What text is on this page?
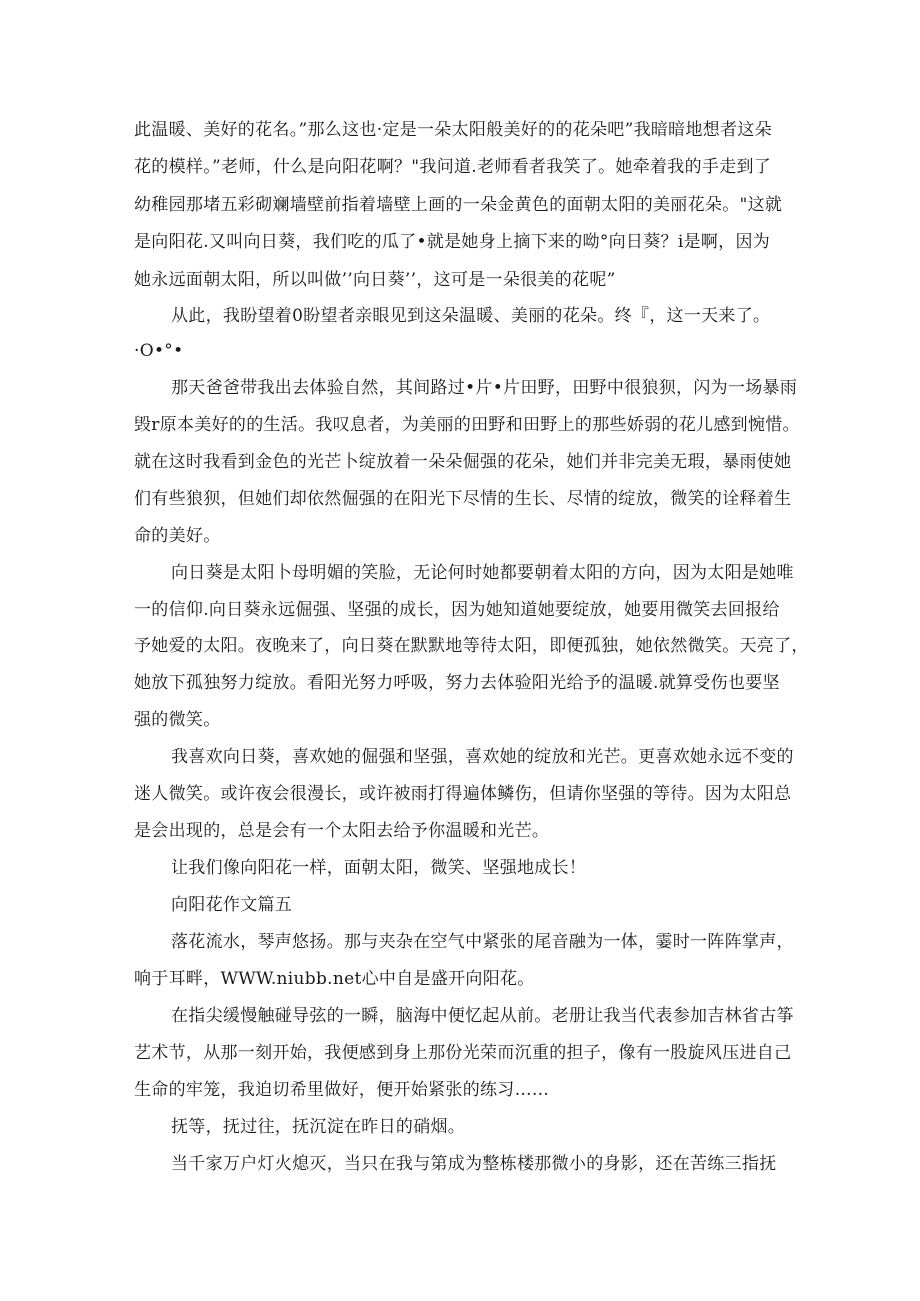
此温暖、美好的花名。”那么这也·定是一朵太阳般美好的的花朵吧”我暗暗地想者这朵
花的模样。”老师，什么是向阳花啊？"我问道.老师看者我笑了。她牵着我的手走到了
幼稚园那堵五彩砌斓墙壁前指着墙壁上画的一朵金黄色的面朝太阳的美丽花朵。"这就
是向阳花.又叫向日葵，我们吃的瓜了•就是她身上摘下来的呦°向日葵？i是啊，因为
她永远面朝太阳，所以叫做’’向日葵’’，这可是一朵很美的花呢”
从此，我盼望着0盼望者亲眼见到这朵温暖、美丽的花朵。终『，这一天来了。
·O•°•
那天爸爸带我出去体验自然，其间路过•片•片田野，田野中很狼狈，闪为一场暴雨
毁r原本美好的的生活。我叹息者，为美丽的田野和田野上的那些娇弱的花儿感到惋惜。
就在这时我看到金色的光芒卜绽放着一朵朵倔强的花朵，她们并非完美无瑕，暴雨使她
们有些狼狈，但她们却依然倔强的在阳光下尽情的生长、尽情的绽放，微笑的诠释着生
命的美好。
向日葵是太阳卜母明媚的笑脸，无论何时她都要朝着太阳的方向，因为太阳是她唯
一的信仰.向日葵永远倔强、坚强的成长，因为她知道她要绽放，她要用微笑去回报给
予她爱的太阳。夜晚来了，向日葵在默默地等待太阳，即便孤独，她依然微笑。天亮了，
她放下孤独努力绽放。看阳光努力呼吸，努力去体验阳光给予的温暖.就算受伤也要坚
强的微笑。
我喜欢向日葵，喜欢她的倔强和坚强，喜欢她的绽放和光芒。更喜欢她永远不变的
迷人微笑。或许夜会很漫长，或许被雨打得遍体鳞伤，但请你坚强的等待。因为太阳总
是会出现的，总是会有一个太阳去给予你温暖和光芒。
让我们像向阳花一样，面朝太阳，微笑、坚强地成长！
向阳花作文篇五
落花流水，琴声悠扬。那与夹杂在空气中紧张的尾音融为一体，霎时一阵阵掌声，
响于耳畔，WWW.niubb.net心中自是盛开向阳花。
在指尖缓慢触碰导弦的一瞬，脑海中便忆起从前。老册让我当代表参加吉林省古筝
艺术节，从那一刻开始，我便感到身上那份光荣而沉重的担子，像有一股旋风压进自己
生命的牢笼，我迫切希里做好，便开始紧张的练习……
抚等，抚过往，抚沉淀在昨日的硝烟。
当千家万户灯火熄灭，当只在我与第成为整栋楼那微小的身影，还在苦练三指抚
